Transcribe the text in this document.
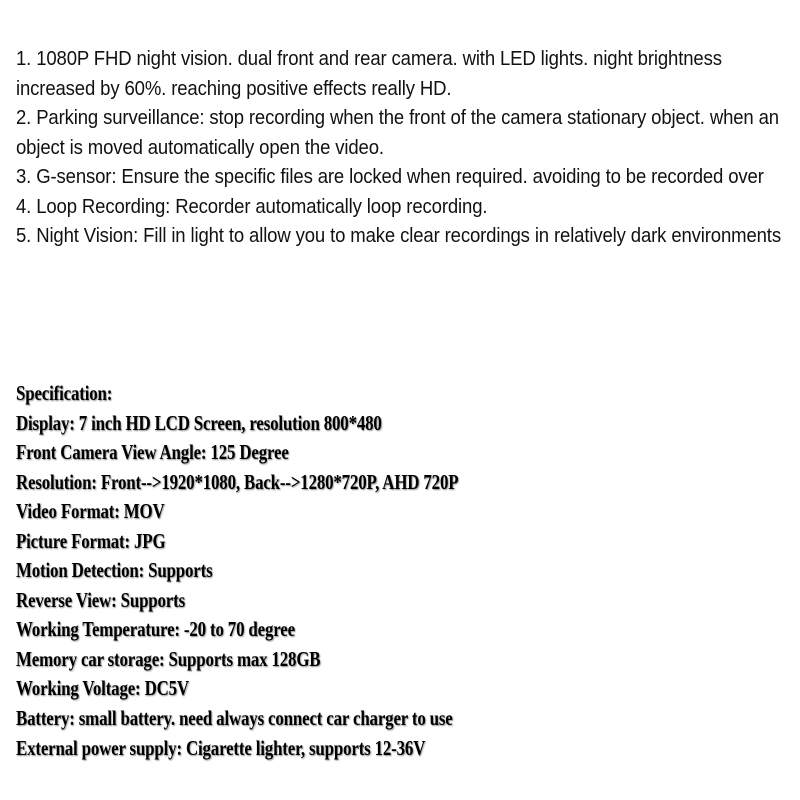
1. 1080P FHD night vision. dual front and rear camera. with LED lights. night brightness increased by 60%. reaching positive effects really HD.
2. Parking surveillance: stop recording when the front of the camera stationary object. when an object is moved automatically open the video.
3. G-sensor: Ensure the specific files are locked when required. avoiding to be recorded over
4. Loop Recording: Recorder automatically loop recording.
5. Night Vision: Fill in light to allow you to make clear recordings in relatively dark environments
Specification:
Display: 7 inch HD LCD Screen, resolution 800*480
Front Camera View Angle: 125 Degree
Resolution: Front-->1920*1080, Back-->1280*720P, AHD 720P
Video Format: MOV
Picture Format: JPG
Motion Detection: Supports
Reverse View: Supports
Working Temperature: -20 to 70 degree
Memory car storage: Supports max 128GB
Working Voltage: DC5V
Battery: small battery. need always connect car charger to use
External power supply: Cigarette lighter, supports 12-36V
